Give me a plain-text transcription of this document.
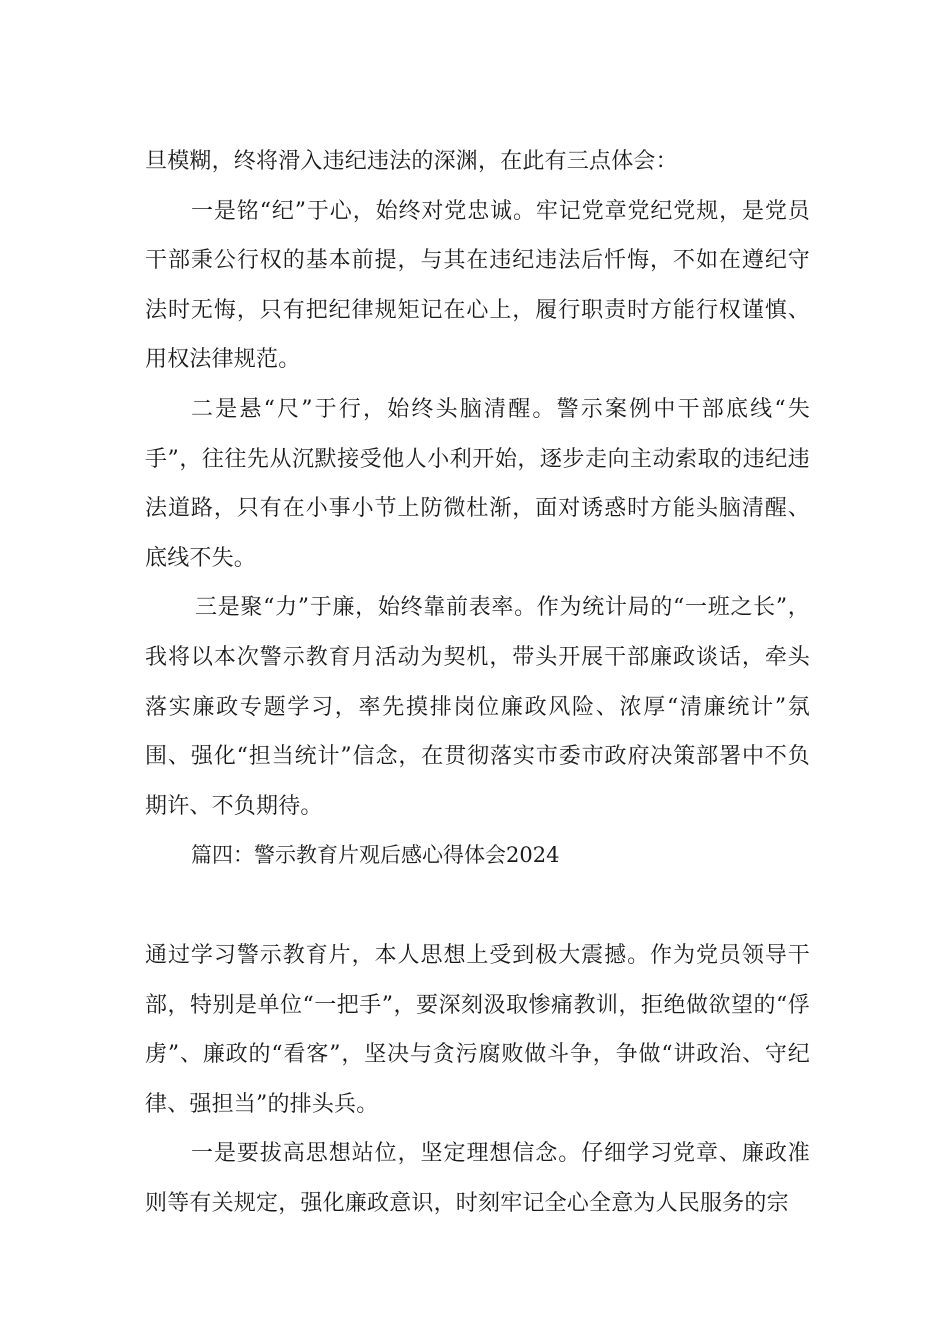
旦模糊，终将滑入违纪违法的深渊，在此有三点体会：

一是铭“纪”于心，始终对党忠诚。牢记党章党纪党规，是党员干部秉公行权的基本前提，与其在违纪违法后忏悔，不如在遵纪守法时无悔，只有把纪律规矩记在心上，履行职责时方能行权谨慎、用权法律规范。

二是悬“尺”于行，始终头脑清醒。警示案例中干部底线“失手”，往往先从沉默接受他人小利开始，逐步走向主动索取的违纪违法道路，只有在小事小节上防微杜渐，面对诱惑时方能头脑清醒、底线不失。

三是聚“力”于廉，始终靠前表率。作为统计局的“一班之长”，我将以本次警示教育月活动为契机，带头开展干部廉政谈话，牵头落实廉政专题学习，率先摸排岗位廉政风险、浓厚“清廉统计”氛围、强化“担当统计”信念，在贯彻落实市委市政府决策部署中不负期许、不负期待。

篇四：警示教育片观后感心得体会2024

通过学习警示教育片，本人思想上受到极大震撼。作为党员领导干部，特别是单位“一把手”，要深刻汲取惨痛教训，拒绝做欲望的“俘虏”、廉政的“看客”，坚决与贪污腐败做斗争，争做“讲政治、守纪律、强担当”的排头兵。

一是要拔高思想站位，坚定理想信念。仔细学习党章、廉政准则等有关规定，强化廉政意识，时刻牢记全心全意为人民服务的宗
